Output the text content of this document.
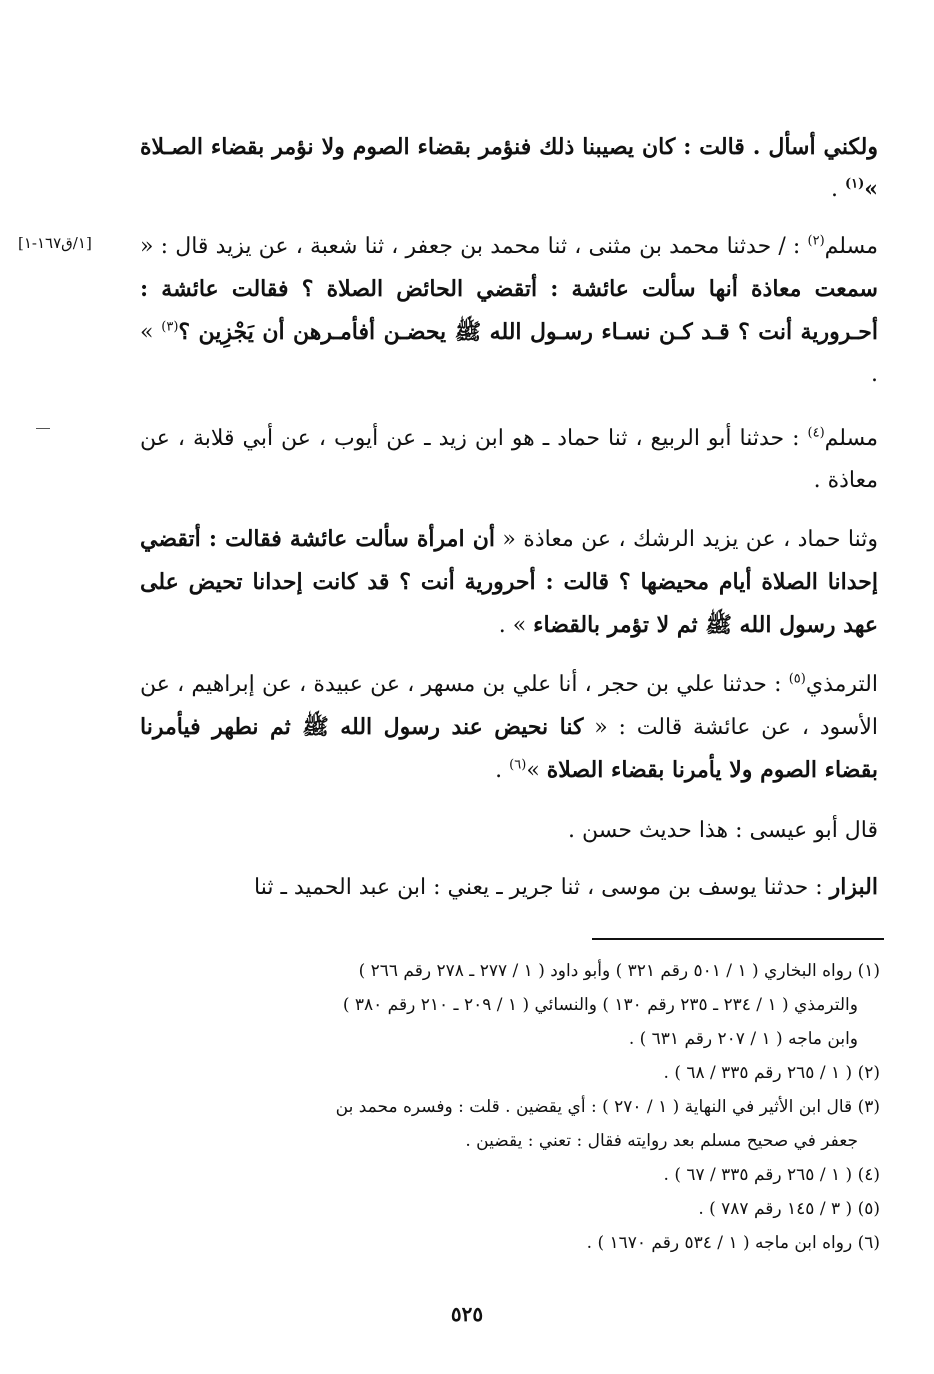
ولكني أسأل . قالت : كان يصيبنا ذلك فنؤمر بقضاء الصوم ولا نؤمر بقضاء الصـلاة »$^{(١)}$ .

مسلم$^{(٢)}$ : / حدثنا محمد بن مثنى ، ثنا محمد بن جعفر ، ثنا شعبة ، عن يزيد قال : « سمعت معاذة أنها سألت عائشة : أتقضي الحائض الصلاة ؟ فقالت عائشة : أحـرورية أنت ؟ قـد كـن نسـاء رسـول الله ﷺ يحضـن أفأمـرهن أن يَجْزِين ؟$^{(٣)}$ » .

[١/ق١٦٧-١]

مسلم$^{(٤)}$ : حدثنا أبو الربيع ، ثنا حماد ـ هو ابن زيد ـ عن أيوب ، عن أبي قلابة ، عن معاذة .

وثنا حماد ، عن يزيد الرشك ، عن معاذة « أن امرأة سألت عائشة فقالت : أتقضي إحدانا الصلاة أيام محيضها ؟ قالت : أحرورية أنت ؟ قد كانت إحدانا تحيض على عهد رسول الله ﷺ ثم لا تؤمر بالقضاء » .

الترمذي$^{(٥)}$ : حدثنا علي بن حجر ، أنا علي بن مسهر ، عن عبيدة ، عن إبراهيم ، عن الأسود ، عن عائشة قالت : « كنا نحيض عند رسول الله ﷺ ثم نطهر فيأمرنا بقضاء الصوم ولا يأمرنا بقضاء الصلاة »$^{(٦)}$ .

قال أبو عيسى : هذا حديث حسن .

البزار : حدثنا يوسف بن موسى ، ثنا جرير ـ يعني : ابن عبد الحميد ـ ثنا

(١) رواه البخاري ( ١ / ٥٠١ رقم ٣٢١ ) وأبو داود ( ١ / ٢٧٧ ـ ٢٧٨ رقم ٢٦٦ )
والترمذي ( ١ / ٢٣٤ ـ ٢٣٥ رقم ١٣٠ ) والنسائي ( ١ / ٢٠٩ ـ ٢١٠ رقم ٣٨٠ )
وابن ماجه ( ١ / ٢٠٧ رقم ٦٣١ ) .

(٢) ( ١ / ٢٦٥ رقم ٣٣٥ / ٦٨ ) .

(٣) قال ابن الأثير في النهاية ( ١ / ٢٧٠ ) : أي يقضين . قلت : وفسره محمد بن
جعفر في صحيح مسلم بعد روايته فقال : تعني : يقضين .

(٤) ( ١ / ٢٦٥ رقم ٣٣٥ / ٦٧ ) .

(٥) ( ٣ / ١٤٥ رقم ٧٨٧ ) .

(٦) رواه ابن ماجه ( ١ / ٥٣٤ رقم ١٦٧٠ ) .

٥٢٥
